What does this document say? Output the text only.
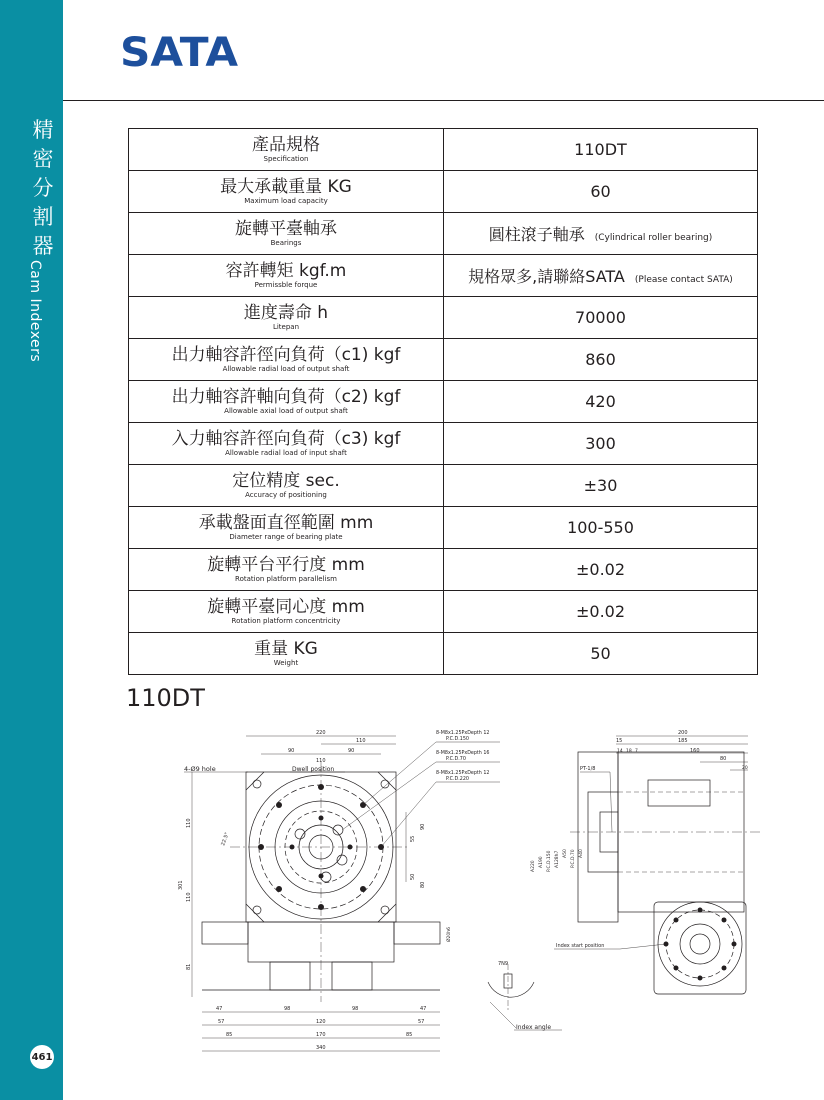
精
密
分
割
器
Cam Indexers
461
SATA
產品規格
Specification	110DT

最大承載重量 KG
Maximum load capacity	60

旋轉平臺軸承
Bearings	圓柱滾子軸承 (Cylindrical roller bearing)

容許轉矩 kgf.m
Permissble forque	規格眾多,請聯絡SATA (Please contact SATA)

進度壽命 h
Litepan	70000

出力軸容許徑向負荷（c1) kgf
Allowable radial load of output shaft	860

出力軸容許軸向負荷（c2) kgf
Allowable axial load of output shaft	420

入力軸容許徑向負荷（c3) kgf
Allowable radial load of input shaft	300

定位精度 sec.
Accuracy of positioning	±30

承載盤面直徑範圍 mm
Diameter range of bearing plate	100-550

旋轉平台平行度 mm
Rotation platform parallelism	±0.02

旋轉平臺同心度 mm
Rotation platform concentricity	±0.02

重量 KG
Weight	50
110DT
220
110
90	90
110
4-Ø9 hole	Dwell position
8-M8x1.25PxDepth 12
P.C.D.150
8-M8x1.25PxDepth 16
P.C.D.70
8-M8x1.25PxDepth 12
P.C.D.220
301
110
110
81
22.5°	55
90
50
80
Ø20h6
47	98	98	47
57	120	57
85	170	85
340
7N9
Index angle
200
15	185
14 18 7	160
80
20
PT-1/8
A220 A190 P.C.D.150 A128h7 A50 P.C.D.70 A40
Index start position
